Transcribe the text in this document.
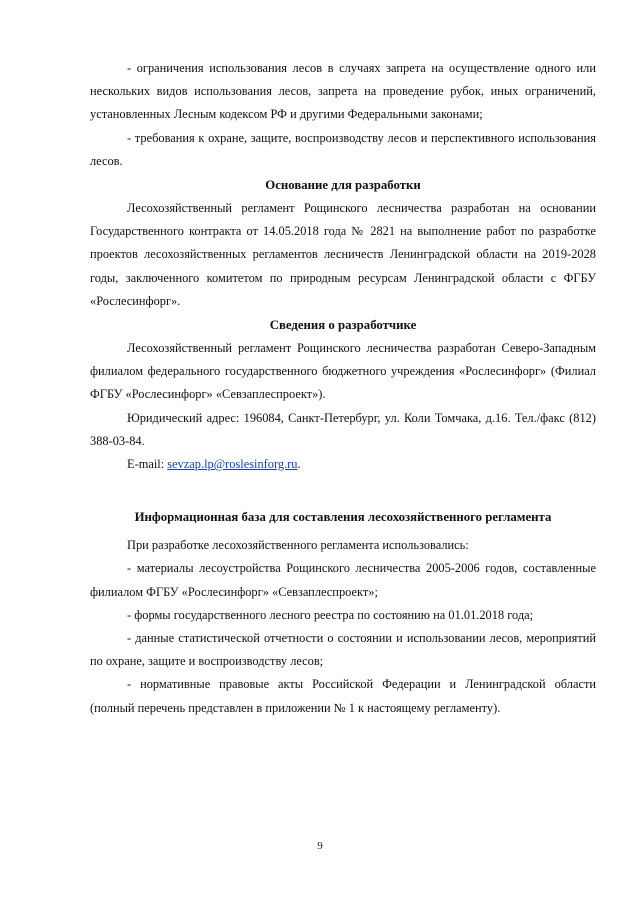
- ограничения использования лесов в случаях запрета на осуществление одного или нескольких видов использования лесов, запрета на проведение рубок, иных ограничений, установленных Лесным кодексом РФ и другими Федеральными законами;

- требования к охране, защите, воспроизводству лесов и перспективного использования лесов.

Основание для разработки

Лесохозяйственный регламент Рощинского лесничества разработан на основании Государственного контракта от 14.05.2018 года № 2821 на выполнение работ по разработке проектов лесохозяйственных регламентов лесничеств Ленинградской области на 2019-2028 годы, заключенного комитетом по природным ресурсам Ленинградской области с ФГБУ «Рослесинфорг».

Сведения о разработчике

Лесохозяйственный регламент Рощинского лесничества разработан Северо-Западным филиалом федерального государственного бюджетного учреждения «Рослесинфорг» (Филиал ФГБУ «Рослесинфорг» «Севзаплеспроект»).

Юридический адрес: 196084, Санкт-Петербург, ул. Коли Томчака, д.16. Тел./факс (812) 388-03-84.

E-mail: sevzap.lp@roslesinforg.ru.

Информационная база для составления лесохозяйственного регламента

При разработке лесохозяйственного регламента использовались:

- материалы лесоустройства Рощинского лесничества 2005-2006 годов, составленные филиалом ФГБУ «Рослесинфорг» «Севзаплеспроект»;

- формы государственного лесного реестра по состоянию на 01.01.2018 года;

- данные статистической отчетности о состоянии и использовании лесов, мероприятий по охране, защите и воспроизводству лесов;

- нормативные правовые акты Российской Федерации и Ленинградской области (полный перечень представлен в приложении № 1 к настоящему регламенту).

9
